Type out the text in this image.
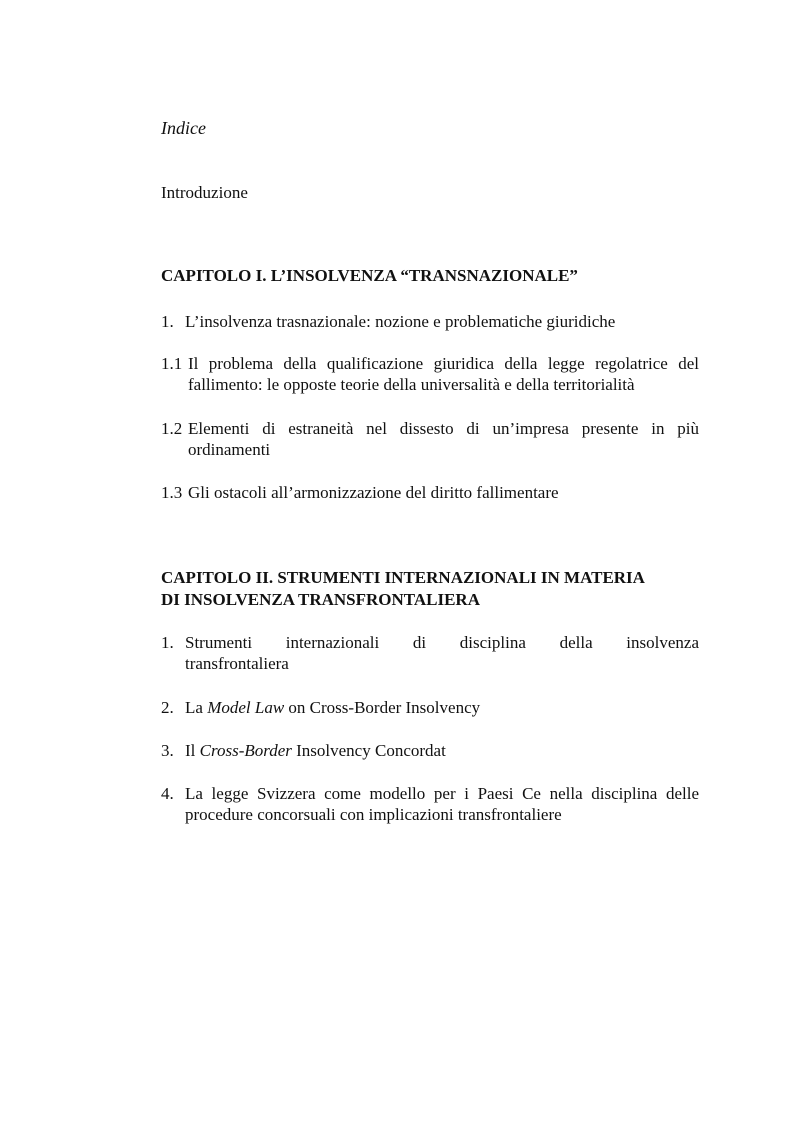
Indice
Introduzione
CAPITOLO I. L’INSOLVENZA “TRANSNAZIONALE”
1. L’insolvenza trasnazionale: nozione e problematiche giuridiche
1.1 Il problema della qualificazione giuridica della legge regolatrice del
fallimento: le opposte teorie della universalità e della territorialità
1.2 Elementi di estraneità nel dissesto di un’impresa presente in più
ordinamenti
1.3 Gli ostacoli all’armonizzazione del diritto fallimentare
CAPITOLO II. STRUMENTI INTERNAZIONALI IN MATERIA
DI INSOLVENZA TRANSFRONTALIERA
1. Strumenti internazionali di disciplina della insolvenza
transfrontaliera
2. La Model Law on Cross-Border Insolvency
3. Il Cross-Border Insolvency Concordat
4. La legge Svizzera come modello per i Paesi Ce nella disciplina delle
procedure concorsuali con implicazioni transfrontaliere
